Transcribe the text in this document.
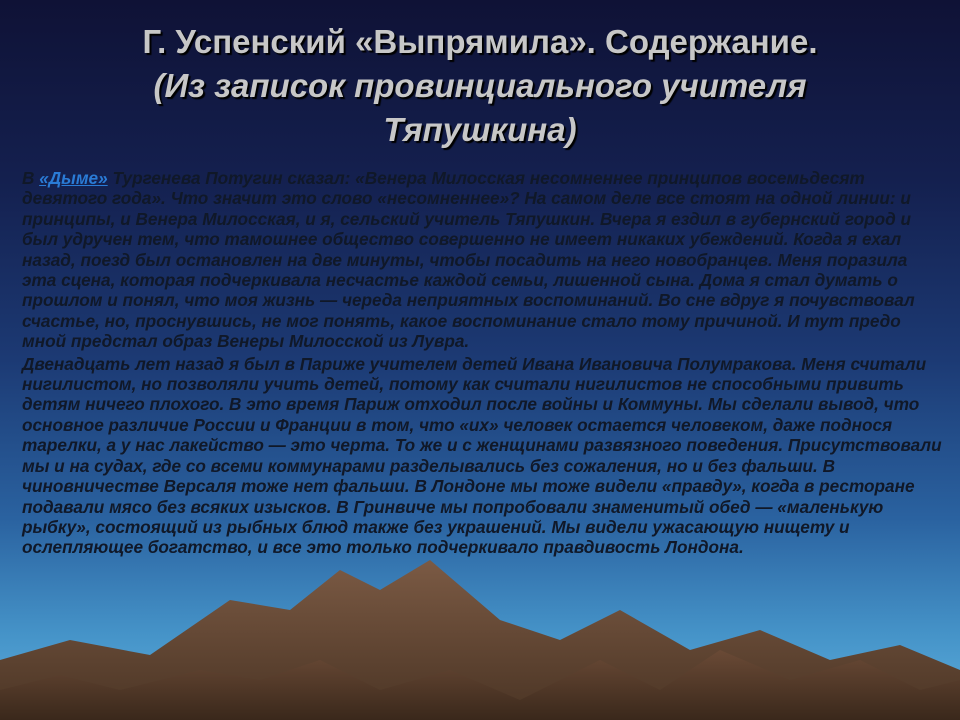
Г. Успенский «Выпрямила». Содержание.
(Из записок провинциального учителя Тяпушкина)

В «Дыме» Тургенева Потугин сказал: «Венера Милосская несомненнее принципов восемьдесят девятого года». Что значит это слово «несомненнее»? На самом деле все стоят на одной линии: и принципы, и Венера Милосская, и я, сельский учитель Тяпушкин. Вчера я ездил в губернский город и был удручен тем, что тамошнее общество совершенно не имеет никаких убеждений. Когда я ехал назад, поезд был остановлен на две минуты, чтобы посадить на него новобранцев. Меня поразила эта сцена, которая подчеркивала несчастье каждой семьи, лишенной сына. Дома я стал думать о прошлом и понял, что моя жизнь — череда неприятных воспоминаний. Во сне вдруг я почувствовал счастье, но, проснувшись, не мог понять, какое воспоминание стало тому причиной. И тут предо мной предстал образ Венеры Милосской из Лувра.

Двенадцать лет назад я был в Париже учителем детей Ивана Ивановича Полумракова. Меня считали нигилистом, но позволяли учить детей, потому как считали нигилистов не способными привить детям ничего плохого. В это время Париж отходил после войны и Коммуны. Мы сделали вывод, что основное различие России и Франции в том, что «их» человек остается человеком, даже поднося тарелки, а у нас лакейство — это черта. То же и с женщинами развязного поведения. Присутствовали мы и на судах, где со всеми коммунарами разделывались без сожаления, но и без фальши. В чиновничестве Версаля тоже нет фальши. В Лондоне мы тоже видели «правду», когда в ресторане подавали мясо без всяких изысков. В Гринвиче мы попробовали знаменитый обед — «маленькую рыбку», состоящий из рыбных блюд также без украшений. Мы видели ужасающую нищету и ослепляющее богатство, и все это только подчеркивало правдивость Лондона.
